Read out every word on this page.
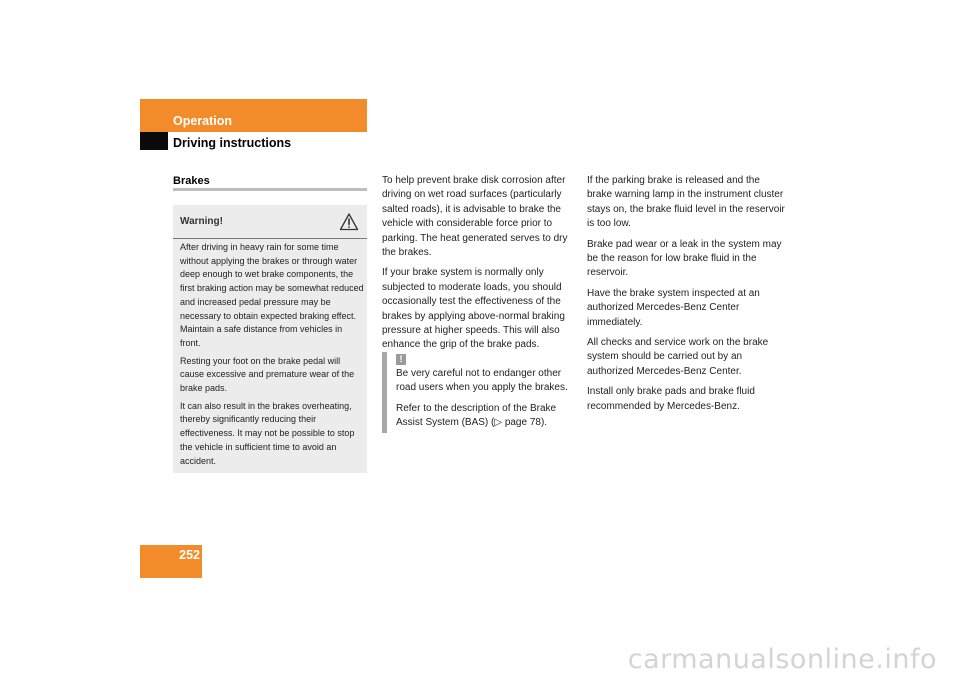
Operation
Driving instructions
Brakes
Warning!

After driving in heavy rain for some time without applying the brakes or through water deep enough to wet brake components, the first braking action may be somewhat reduced and increased pedal pressure may be necessary to obtain expected braking effect. Maintain a safe distance from vehicles in front.

Resting your foot on the brake pedal will cause excessive and premature wear of the brake pads.

It can also result in the brakes overheating, thereby significantly reducing their effectiveness. It may not be possible to stop the vehicle in sufficient time to avoid an accident.

To help prevent brake disk corrosion after driving on wet road surfaces (particularly salted roads), it is advisable to brake the vehicle with considerable force prior to parking. The heat generated serves to dry the brakes.

If your brake system is normally only subjected to moderate loads, you should occasionally test the effectiveness of the brakes by applying above-normal braking pressure at higher speeds. This will also enhance the grip of the brake pads.

!

Be very careful not to endanger other road users when you apply the brakes.

Refer to the description of the Brake Assist System (BAS) (▷ page 78).

If the parking brake is released and the brake warning lamp in the instrument cluster stays on, the brake fluid level in the reservoir is too low.

Brake pad wear or a leak in the system may be the reason for low brake fluid in the reservoir.

Have the brake system inspected at an authorized Mercedes-Benz Center immediately.

All checks and service work on the brake system should be carried out by an authorized Mercedes-Benz Center.

Install only brake pads and brake fluid recommended by Mercedes-Benz.

252
carmanualsonline.info
